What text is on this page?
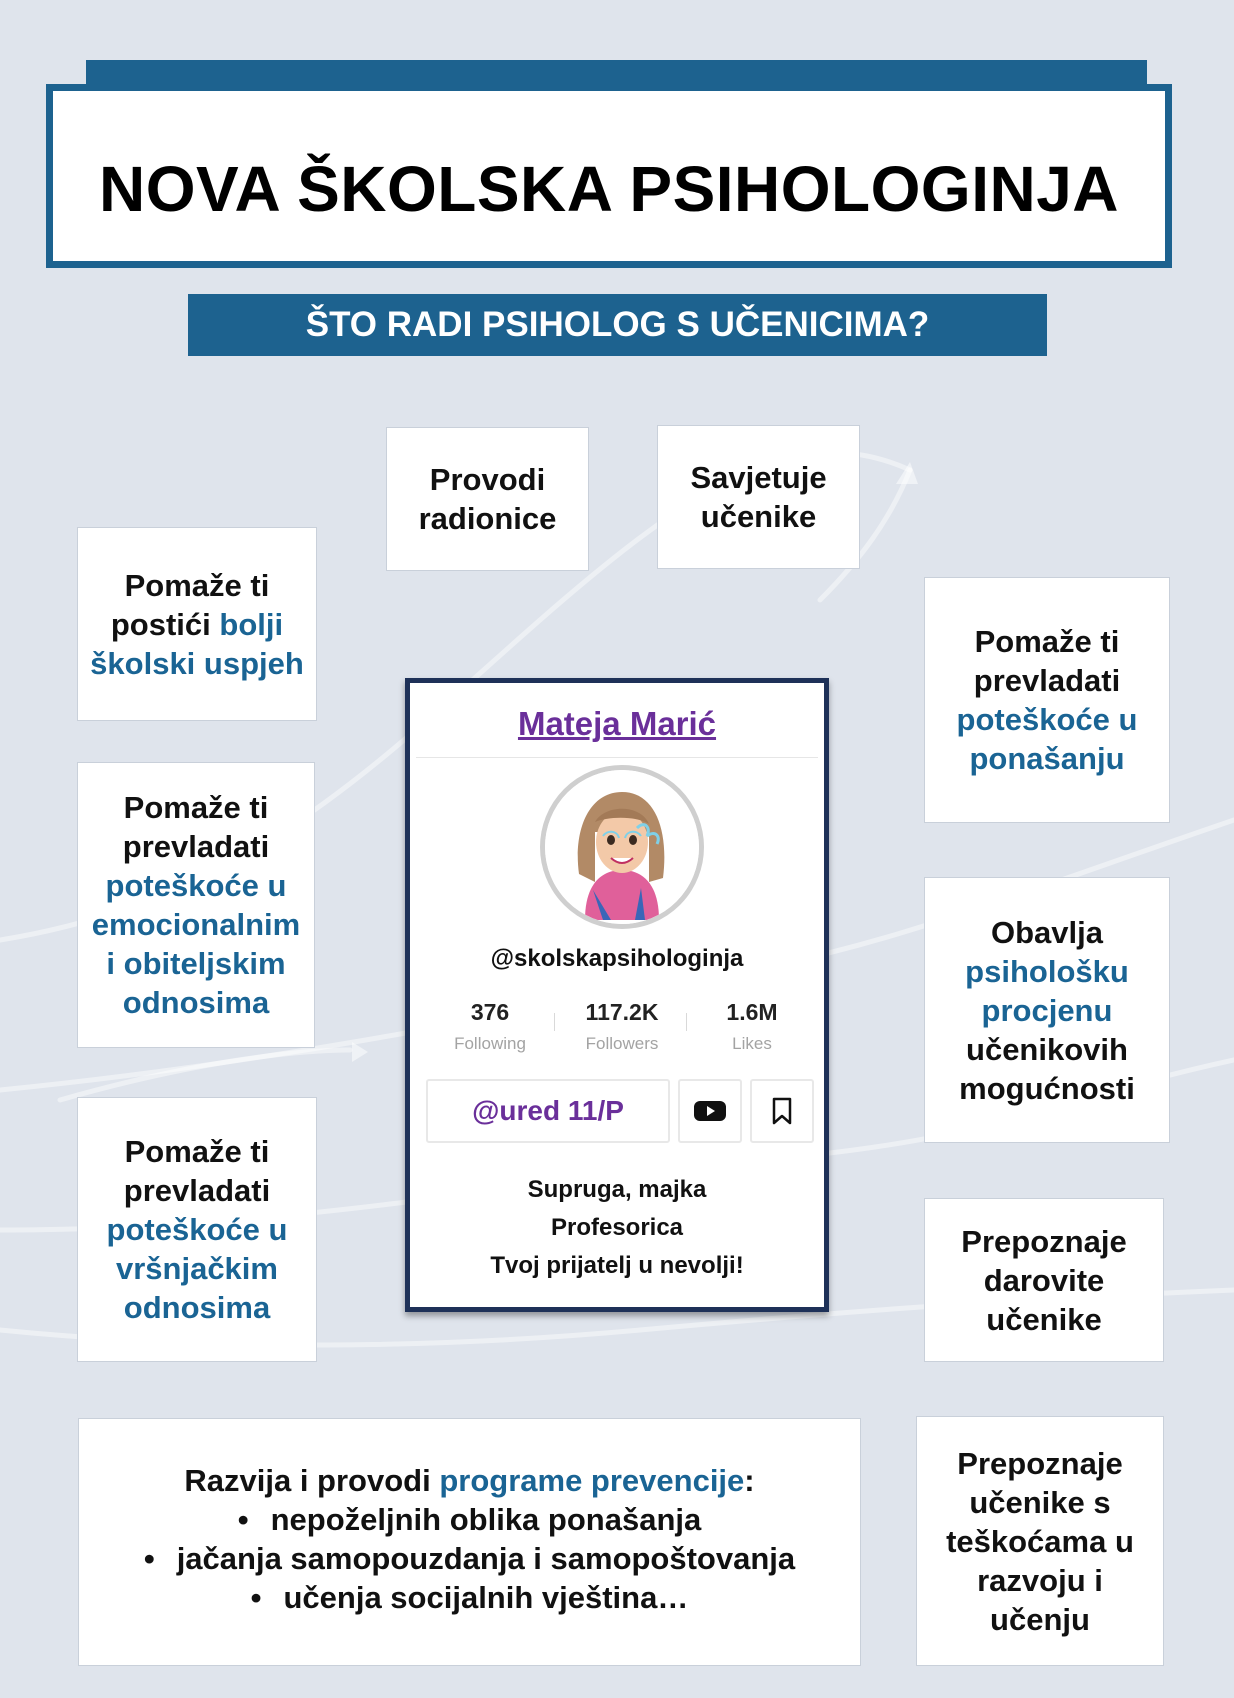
NOVA ŠKOLSKA PSIHOLOGINJA
ŠTO RADI PSIHOLOG S UČENICIMA?
Provodi
radionice
Savjetuje
učenike
Pomaže ti
postići bolji
školski uspjeh
Pomaže ti
prevladati
poteškoće u
emocionalnim
i obiteljskim
odnosima
Pomaže ti
prevladati
poteškoće u
vršnjačkim
odnosima
Pomaže ti
prevladati
poteškoće u
ponašanju
Obavlja
psihološku
procjenu
učenikovih
mogućnosti
Prepoznaje
darovite
učenike
Prepoznaje
učenike s
teškoćama u
razvoju i
učenju
Razvija i provodi programe prevencije:
• nepoželjnih oblika ponašanja
• jačanja samopouzdanja i samopoštovanja
• učenja socijalnih vještina…
Mateja Marić
@skolskapsihologinja
376
Following
117.2K
Followers
1.6M
Likes
@ured 11/P
Supruga, majka
Profesorica
Tvoj prijatelj u nevolji!
